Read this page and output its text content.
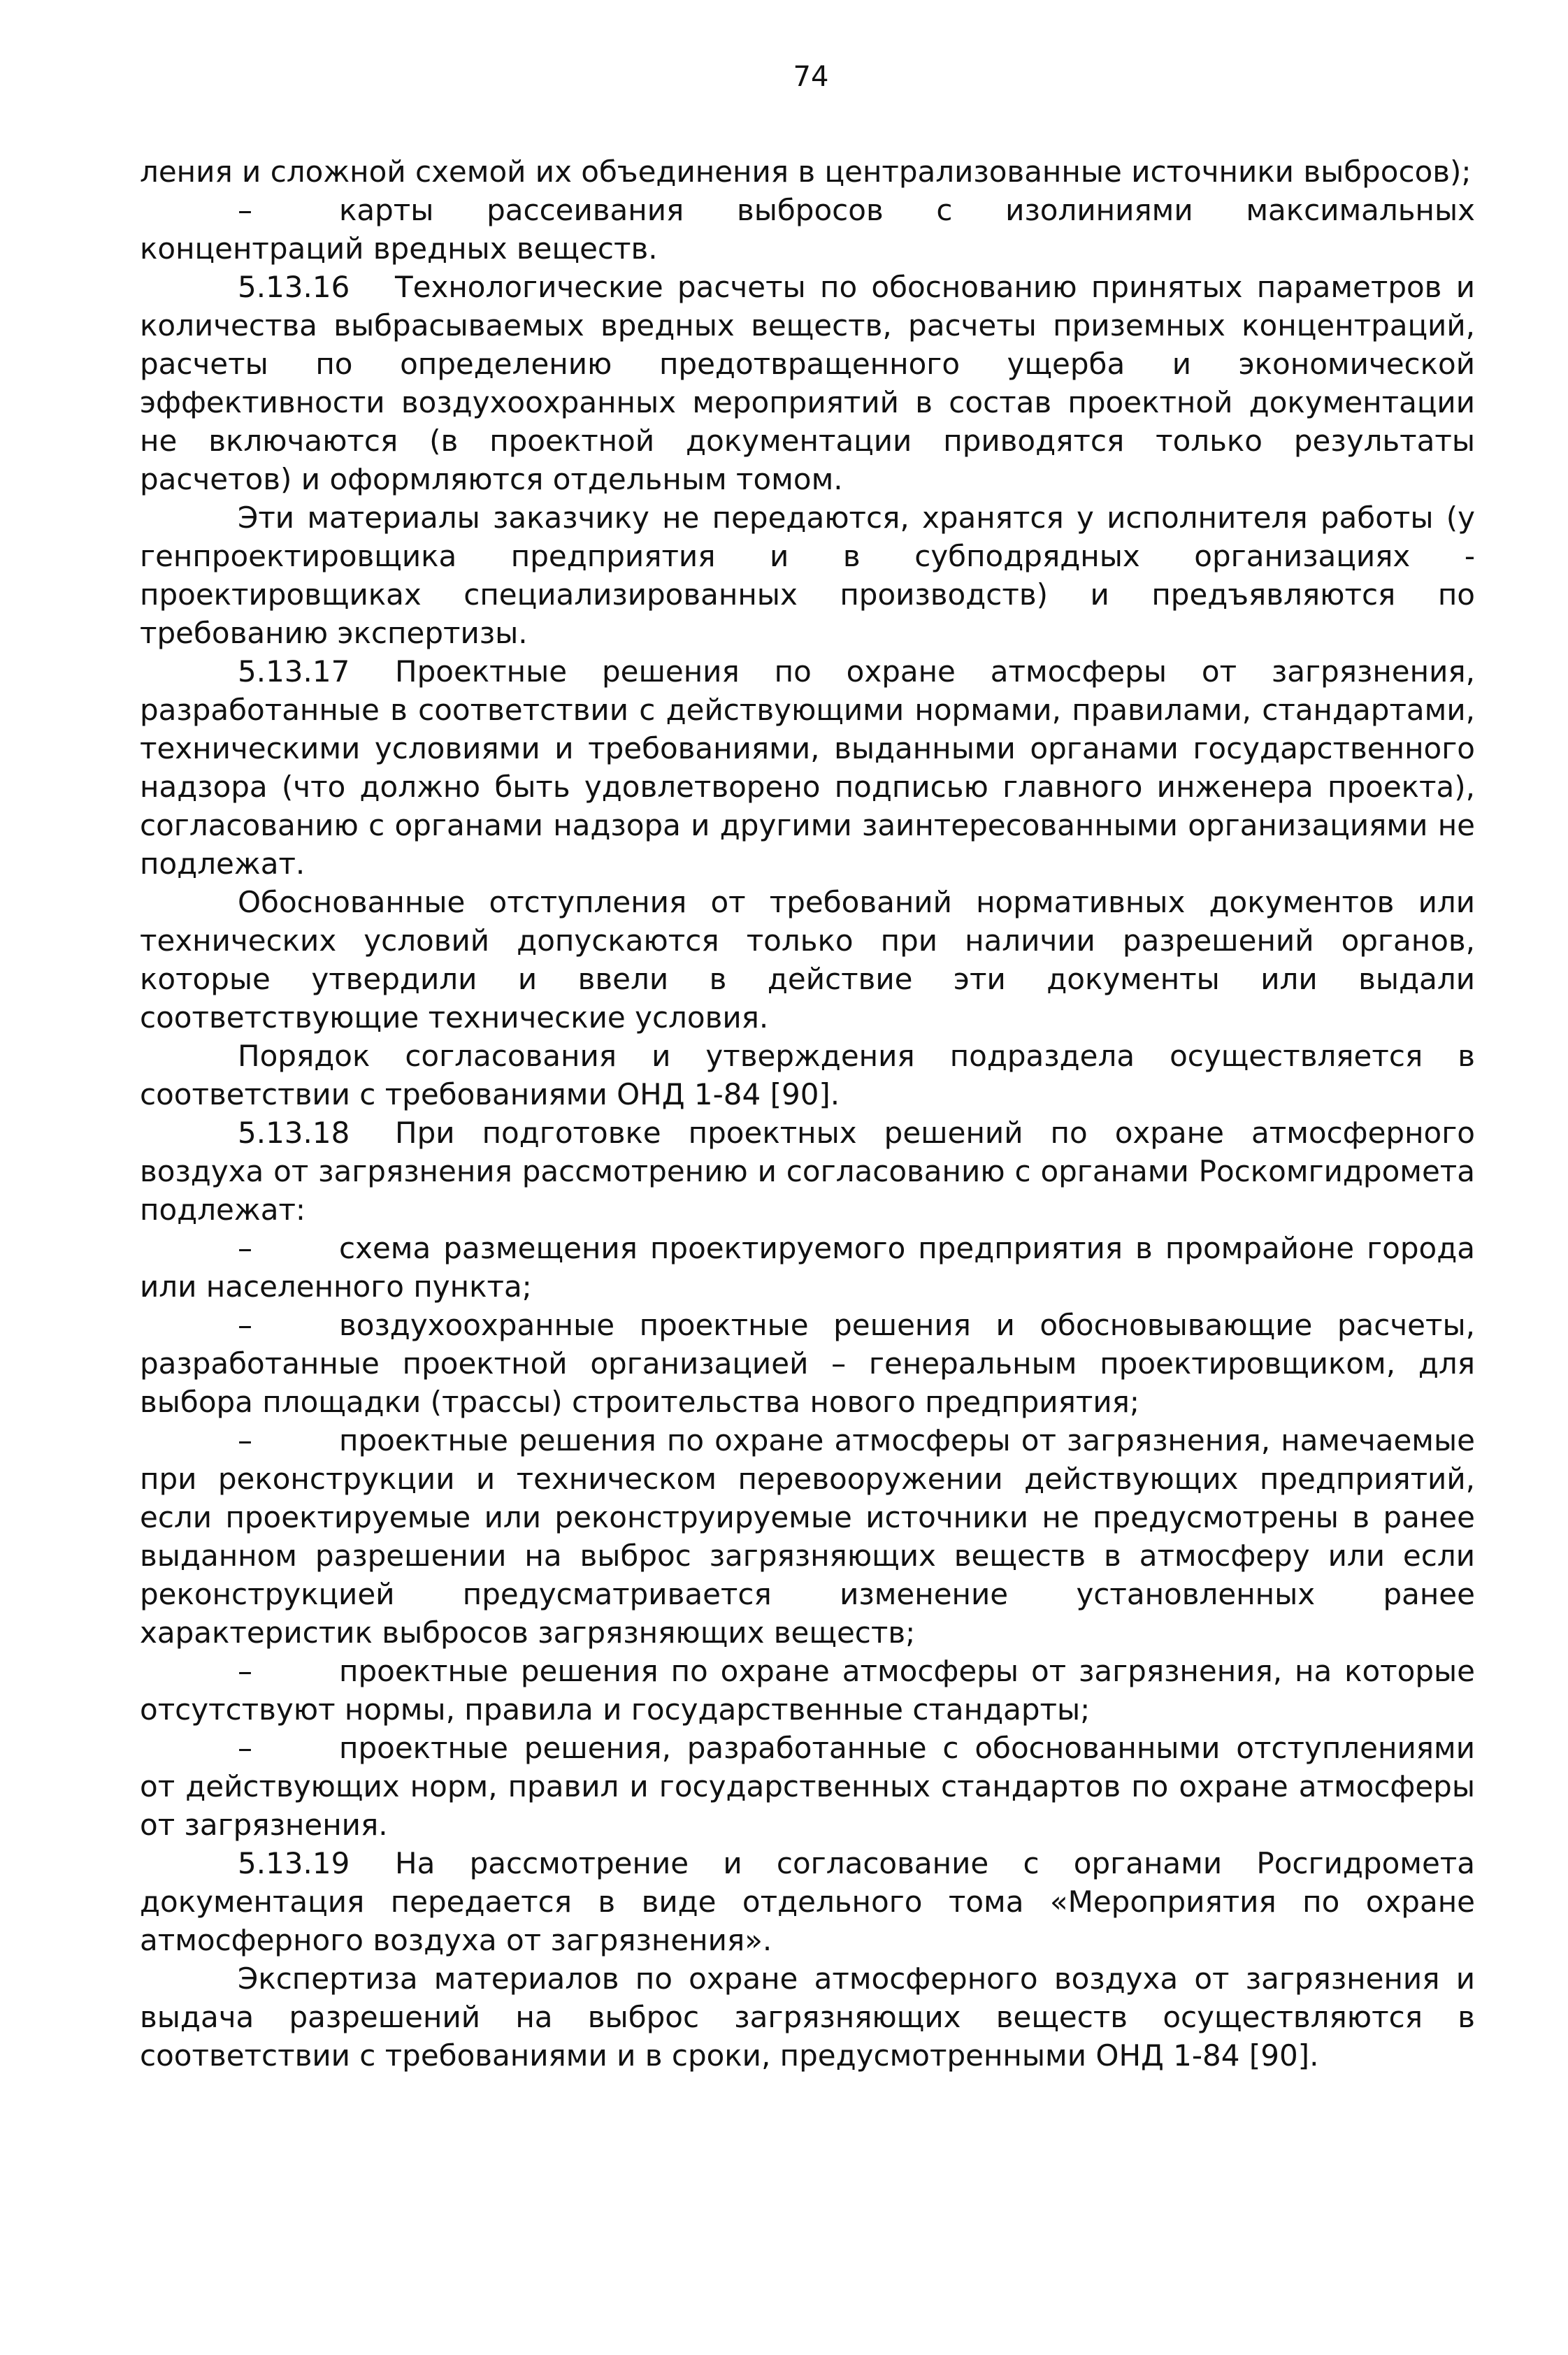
74

ления и сложной схемой их объединения в централизованные источники выбросов);

–	карты рассеивания выбросов с изолиниями максимальных концентраций вредных веществ.

5.13.16 Технологические расчеты по обоснованию принятых параметров и количества выбрасываемых вредных веществ, расчеты приземных концентраций, расчеты по определению предотвращенного ущерба и экономической эффективности воздухоохранных мероприятий в состав проектной документации не включаются (в проектной документации приводятся только результаты расчетов) и оформляются отдельным томом.

Эти материалы заказчику не передаются, хранятся у исполнителя работы (у генпроектировщика предприятия и в субподрядных организациях - проектировщиках специализированных производств) и предъявляются по требованию экспертизы.

5.13.17 Проектные решения по охране атмосферы от загрязнения, разработанные в соответствии с действующими нормами, правилами, стандартами, техническими условиями и требованиями, выданными органами государственного надзора (что должно быть удовлетворено подписью главного инженера проекта), согласованию с органами надзора и другими заинтересованными организациями не подлежат.

Обоснованные отступления от требований нормативных документов или технических условий допускаются только при наличии разрешений органов, которые утвердили и ввели в действие эти документы или выдали соответствующие технические условия.

Порядок согласования и утверждения подраздела осуществляется в соответствии с требованиями ОНД 1-84 [90].

5.13.18 При подготовке проектных решений по охране атмосферного воздуха от загрязнения рассмотрению и согласованию с органами Роскомгидромета подлежат:

–	схема размещения проектируемого предприятия в промрайоне города или населенного пункта;

–	воздухоохранные проектные решения и обосновывающие расчеты, разработанные проектной организацией – генеральным проектировщиком, для выбора площадки (трассы) строительства нового предприятия;

–	проектные решения по охране атмосферы от загрязнения, намечаемые при реконструкции и техническом перевооружении действующих предприятий, если проектируемые или реконструируемые источники не предусмотрены в ранее выданном разрешении на выброс загрязняющих веществ в атмосферу или если реконструкцией предусматривается изменение установленных ранее характеристик выбросов загрязняющих веществ;

–	проектные решения по охране атмосферы от загрязнения, на которые отсутствуют нормы, правила и государственные стандарты;

–	проектные решения, разработанные с обоснованными отступлениями от действующих норм, правил и государственных стандартов по охране атмосферы от загрязнения.

5.13.19 На рассмотрение и согласование с органами Росгидромета документация передается в виде отдельного тома «Мероприятия по охране атмосферного воздуха от загрязнения».

Экспертиза материалов по охране атмосферного воздуха от загрязнения и выдача разрешений на выброс загрязняющих веществ осуществляются в соответствии с требованиями и в сроки, предусмотренными ОНД 1-84 [90].
